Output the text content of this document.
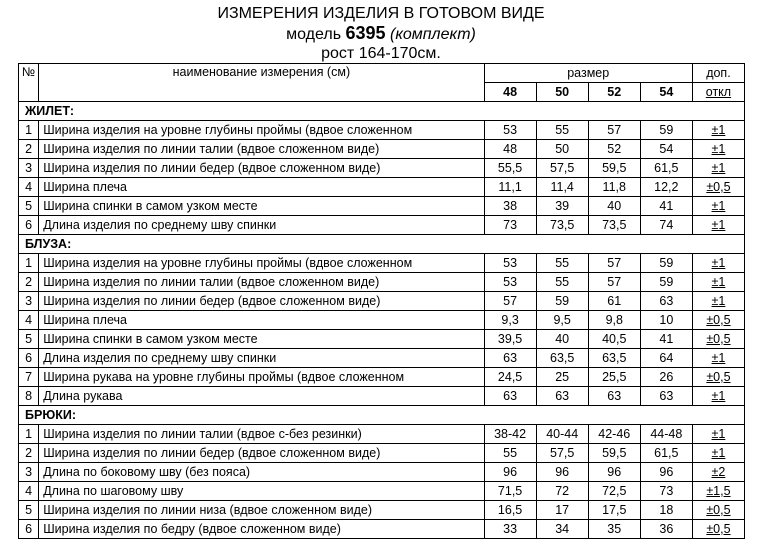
ИЗМЕРЕНИЯ ИЗДЕЛИЯ В ГОТОВОМ ВИДЕ
модель 6395 (комплект)
рост 164-170см.
№	наименование измерения (см)	размер				доп.
		48	50	52	54	откл
ЖИЛЕТ:						
1	Ширина изделия на уровне глубины проймы (вдвое сложенном	53	55	57	59	±1
2	Ширина изделия по линии талии (вдвое сложенном виде)	48	50	52	54	±1
3	Ширина изделия по линии бедер (вдвое сложенном виде)	55,5	57,5	59,5	61,5	±1
4	Ширина плеча	11,1	11,4	11,8	12,2	±0,5
5	Ширина спинки в самом узком месте	38	39	40	41	±1
6	Длина изделия по среднему шву спинки	73	73,5	73,5	74	±1
БЛУЗА:						
1	Ширина изделия на уровне глубины проймы (вдвое сложенном	53	55	57	59	±1
2	Ширина изделия по линии талии (вдвое сложенном виде)	53	55	57	59	±1
3	Ширина изделия по линии бедер (вдвое сложенном виде)	57	59	61	63	±1
4	Ширина плеча	9,3	9,5	9,8	10	±0,5
5	Ширина спинки в самом узком месте	39,5	40	40,5	41	±0,5
6	Длина изделия по среднему шву спинки	63	63,5	63,5	64	±1
7	Ширина рукава на уровне глубины проймы (вдвое сложенном	24,5	25	25,5	26	±0,5
8	Длина рукава	63	63	63	63	±1
БРЮКИ:						
1	Ширина изделия по линии талии (вдвое с-без резинки)	38-42	40-44	42-46	44-48	±1
2	Ширина изделия по линии бедер (вдвое сложенном виде)	55	57,5	59,5	61,5	±1
3	Длина по боковому шву (без пояса)	96	96	96	96	±2
4	Длина по шаговому шву	71,5	72	72,5	73	±1,5
5	Ширина изделия по линии низа (вдвое сложенном виде)	16,5	17	17,5	18	±0,5
6	Ширина изделия по бедру (вдвое сложенном виде)	33	34	35	36	±0,5
